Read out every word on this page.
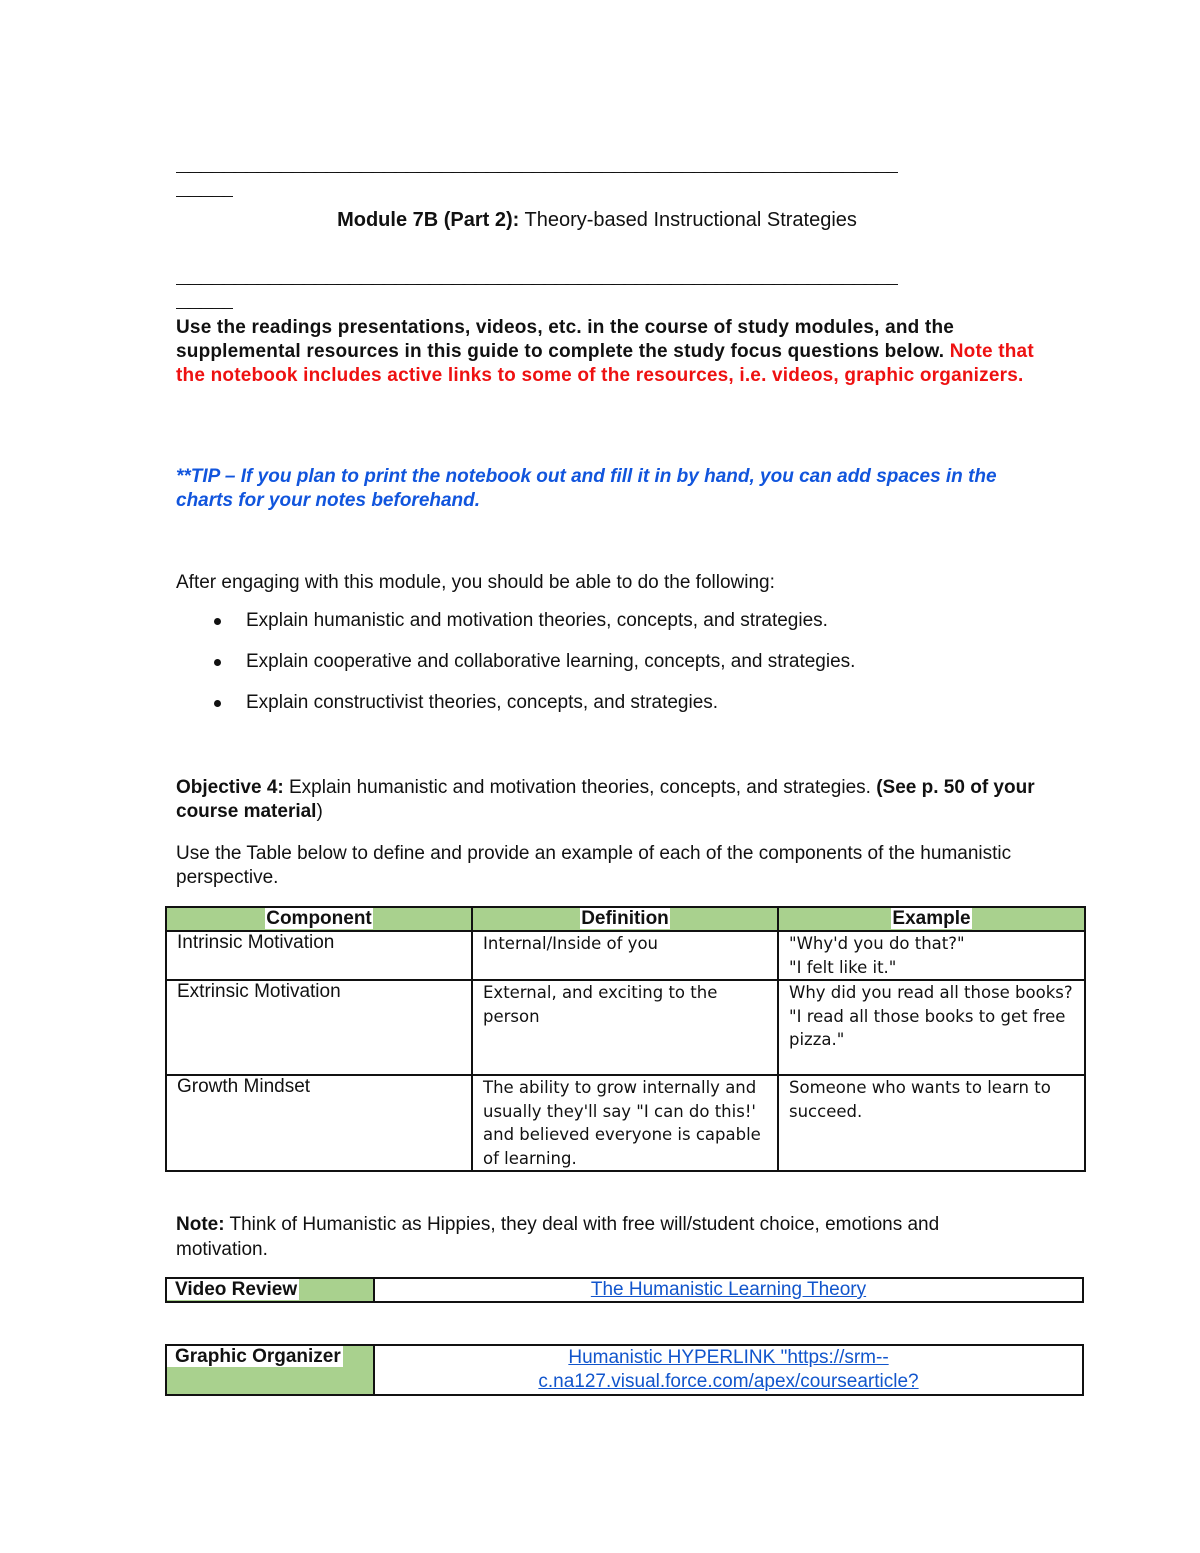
_______________________________________________________________
_____
Module 7B (Part 2): Theory-based Instructional Strategies
_______________________________________________________________
_____
Use the readings presentations, videos, etc. in the course of study modules, and the supplemental resources in this guide to complete the study focus questions below. Note that the notebook includes active links to some of the resources, i.e. videos, graphic organizers.
**TIP – If you plan to print the notebook out and fill it in by hand, you can add spaces in the charts for your notes beforehand.
After engaging with this module, you should be able to do the following:
Explain humanistic and motivation theories, concepts, and strategies.
Explain cooperative and collaborative learning, concepts, and strategies.
Explain constructivist theories, concepts, and strategies.
Objective 4: Explain humanistic and motivation theories, concepts, and strategies. (See p. 50 of your course material)
Use the Table below to define and provide an example of each of the components of the humanistic perspective.
Component	Definition	Example
Intrinsic Motivation	Internal/Inside of you	"Why'd you do that?"
"I felt like it."

Extrinsic Motivation	External, and exciting to the person	Why did you read all those books?
"I read all those books to get free pizza."

Growth Mindset	The ability to grow internally and usually they'll say "I can do this!' and believed everyone is capable of learning.	Someone who wants to learn to succeed.
Note: Think of Humanistic as Hippies, they deal with free will/student choice, emotions and motivation.
Video Review	The Humanistic Learning Theory
Graphic Organizer	Humanistic HYPERLINK "https://srm--
c.na127.visual.force.com/apex/coursearticle?
